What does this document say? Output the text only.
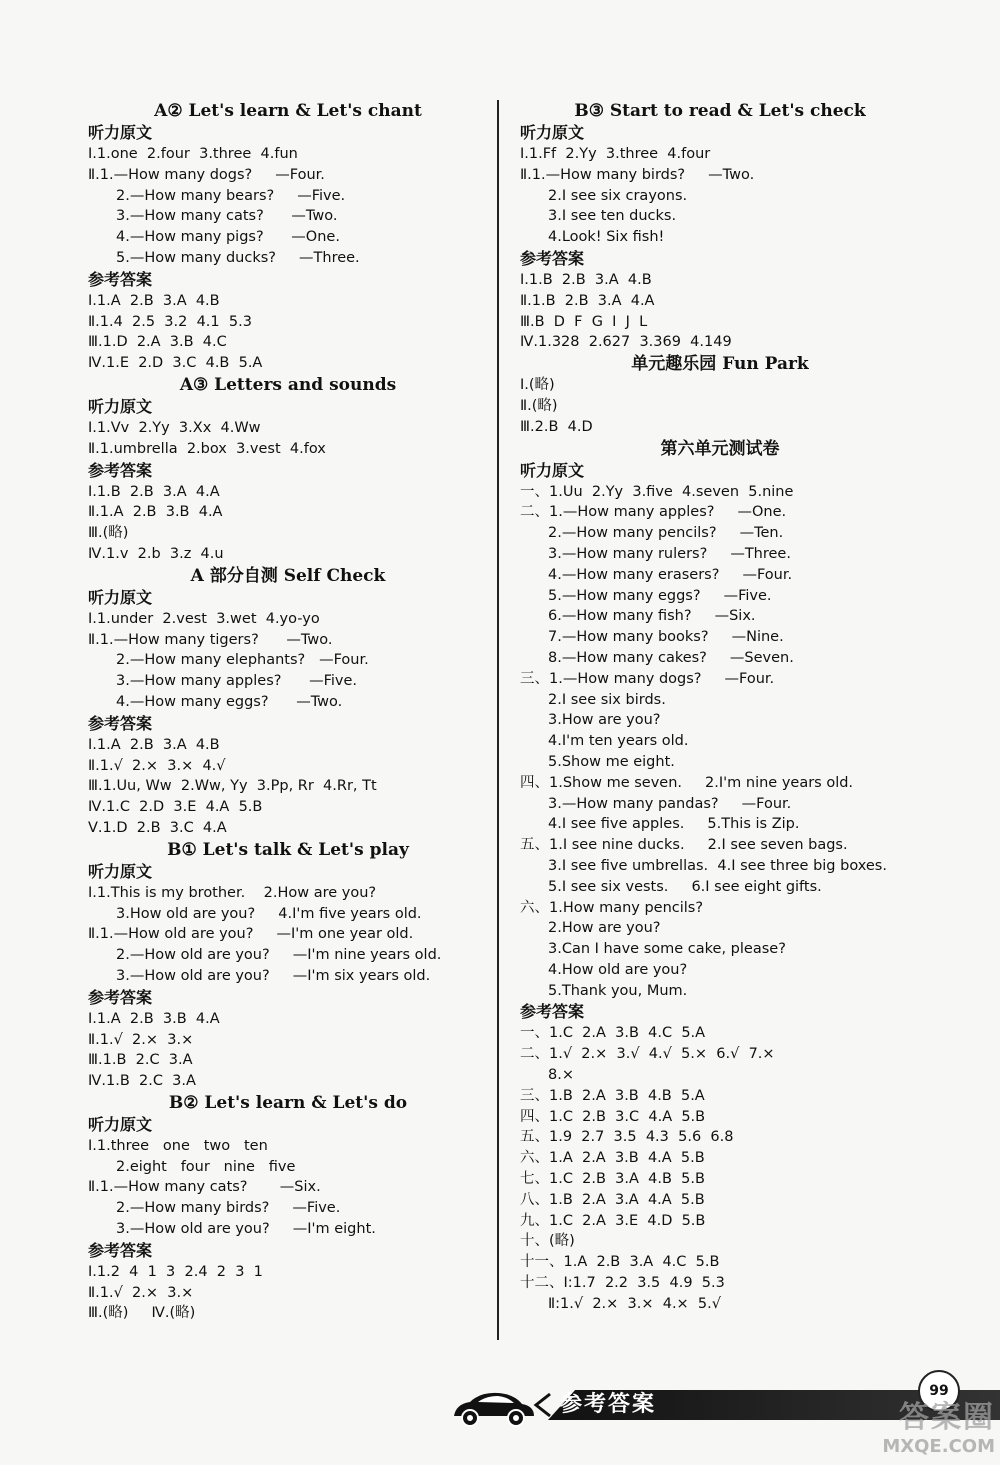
A② Let's learn & Let's chant
听力原文
Ⅰ.1.one  2.four  3.three  4.fun
Ⅱ.1.—How many dogs?     —Four.
2.—How many bears?     —Five.
3.—How many cats?      —Two.
4.—How many pigs?      —One.
5.—How many ducks?     —Three.
参考答案
Ⅰ.1.A  2.B  3.A  4.B
Ⅱ.1.4  2.5  3.2  4.1  5.3
Ⅲ.1.D  2.A  3.B  4.C
Ⅳ.1.E  2.D  3.C  4.B  5.A
A③ Letters and sounds
听力原文
Ⅰ.1.Vv  2.Yy  3.Xx  4.Ww
Ⅱ.1.umbrella  2.box  3.vest  4.fox
参考答案
Ⅰ.1.B  2.B  3.A  4.A
Ⅱ.1.A  2.B  3.B  4.A
Ⅲ.(略)
Ⅳ.1.v  2.b  3.z  4.u
A 部分自测 Self Check
听力原文
Ⅰ.1.under  2.vest  3.wet  4.yo-yo
Ⅱ.1.—How many tigers?      —Two.
2.—How many elephants?   —Four.
3.—How many apples?      —Five.
4.—How many eggs?      —Two.
参考答案
Ⅰ.1.A  2.B  3.A  4.B
Ⅱ.1.√  2.×  3.×  4.√
Ⅲ.1.Uu, Ww  2.Ww, Yy  3.Pp, Rr  4.Rr, Tt
Ⅳ.1.C  2.D  3.E  4.A  5.B
Ⅴ.1.D  2.B  3.C  4.A
B① Let's talk & Let's play
听力原文
Ⅰ.1.This is my brother.    2.How are you?
3.How old are you?     4.I'm five years old.
Ⅱ.1.—How old are you?     —I'm one year old.
2.—How old are you?     —I'm nine years old.
3.—How old are you?     —I'm six years old.
参考答案
Ⅰ.1.A  2.B  3.B  4.A
Ⅱ.1.√  2.×  3.×
Ⅲ.1.B  2.C  3.A
Ⅳ.1.B  2.C  3.A
B② Let's learn & Let's do
听力原文
Ⅰ.1.three   one   two   ten
2.eight   four   nine   five
Ⅱ.1.—How many cats?       —Six.
2.—How many birds?     —Five.
3.—How old are you?     —I'm eight.
参考答案
Ⅰ.1.2  4  1  3  2.4  2  3  1
Ⅱ.1.√  2.×  3.×
Ⅲ.(略)     Ⅳ.(略)
B③ Start to read & Let's check
听力原文
Ⅰ.1.Ff  2.Yy  3.three  4.four
Ⅱ.1.—How many birds?     —Two.
2.I see six crayons.
3.I see ten ducks.
4.Look! Six fish!
参考答案
Ⅰ.1.B  2.B  3.A  4.B
Ⅱ.1.B  2.B  3.A  4.A
Ⅲ.B  D  F  G  I  J  L
Ⅳ.1.328  2.627  3.369  4.149
单元趣乐园 Fun Park
Ⅰ.(略)
Ⅱ.(略)
Ⅲ.2.B  4.D
第六单元测试卷
听力原文
一、1.Uu  2.Yy  3.five  4.seven  5.nine
二、1.—How many apples?     —One.
2.—How many pencils?     —Ten.
3.—How many rulers?     —Three.
4.—How many erasers?     —Four.
5.—How many eggs?     —Five.
6.—How many fish?     —Six.
7.—How many books?     —Nine.
8.—How many cakes?     —Seven.
三、1.—How many dogs?     —Four.
2.I see six birds.
3.How are you?
4.I'm ten years old.
5.Show me eight.
四、1.Show me seven.     2.I'm nine years old.
3.—How many pandas?     —Four.
4.I see five apples.     5.This is Zip.
五、1.I see nine ducks.     2.I see seven bags.
3.I see five umbrellas.  4.I see three big boxes.
5.I see six vests.     6.I see eight gifts.
六、1.How many pencils?
2.How are you?
3.Can I have some cake, please?
4.How old are you?
5.Thank you, Mum.
参考答案
一、1.C  2.A  3.B  4.C  5.A
二、1.√  2.×  3.√  4.√  5.×  6.√  7.×
8.×
三、1.B  2.A  3.B  4.B  5.A
四、1.C  2.B  3.C  4.A  5.B
五、1.9  2.7  3.5  4.3  5.6  6.8
六、1.A  2.A  3.B  4.A  5.B
七、1.C  2.B  3.A  4.B  5.B
八、1.B  2.A  3.A  4.A  5.B
九、1.C  2.A  3.E  4.D  5.B
十、(略)
十一、1.A  2.B  3.A  4.C  5.B
十二、Ⅰ:1.7  2.2  3.5  4.9  5.3
Ⅱ:1.√  2.×  3.×  4.×  5.√
参考答案
99
答案圈
MXQE.COM
